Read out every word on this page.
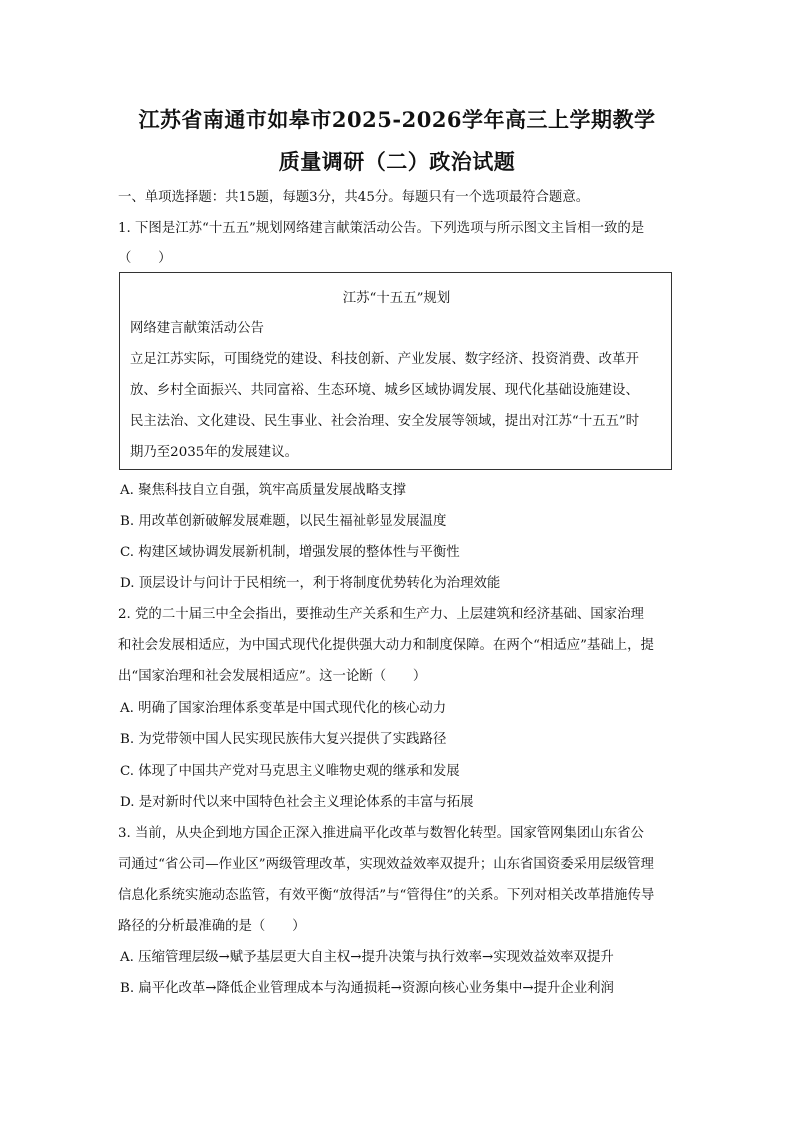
江苏省南通市如皋市2025-2026学年高三上学期教学
质量调研（二）政治试题
一、单项选择题：共15题，每题3分，共45分。每题只有一个选项最符合题意。
1. 下图是江苏“十五五”规划网络建言献策活动公告。下列选项与所示图文主旨相一致的是
（　　）
江苏“十五五”规划
网络建言献策活动公告
立足江苏实际，可围绕党的建设、科技创新、产业发展、数字经济、投资消费、改革开
放、乡村全面振兴、共同富裕、生态环境、城乡区域协调发展、现代化基础设施建设、
民主法治、文化建设、民生事业、社会治理、安全发展等领域，提出对江苏“十五五”时
期乃至2035年的发展建议。
A. 聚焦科技自立自强，筑牢高质量发展战略支撑
B. 用改革创新破解发展难题，以民生福祉彰显发展温度
C. 构建区域协调发展新机制，增强发展的整体性与平衡性
D. 顶层设计与问计于民相统一，利于将制度优势转化为治理效能
2. 党的二十届三中全会指出，要推动生产关系和生产力、上层建筑和经济基础、国家治理
和社会发展相适应，为中国式现代化提供强大动力和制度保障。在两个“相适应”基础上，提
出“国家治理和社会发展相适应”。这一论断（　　）
A. 明确了国家治理体系变革是中国式现代化的核心动力
B. 为党带领中国人民实现民族伟大复兴提供了实践路径
C. 体现了中国共产党对马克思主义唯物史观的继承和发展
D. 是对新时代以来中国特色社会主义理论体系的丰富与拓展
3. 当前，从央企到地方国企正深入推进扁平化改革与数智化转型。国家管网集团山东省公
司通过“省公司—作业区”两级管理改革，实现效益效率双提升；山东省国资委采用层级管理
信息化系统实施动态监管，有效平衡“放得活”与“管得住”的关系。下列对相关改革措施传导
路径的分析最准确的是（　　）
A. 压缩管理层级→赋予基层更大自主权→提升决策与执行效率→实现效益效率双提升
B. 扁平化改革→降低企业管理成本与沟通损耗→资源向核心业务集中→提升企业利润
